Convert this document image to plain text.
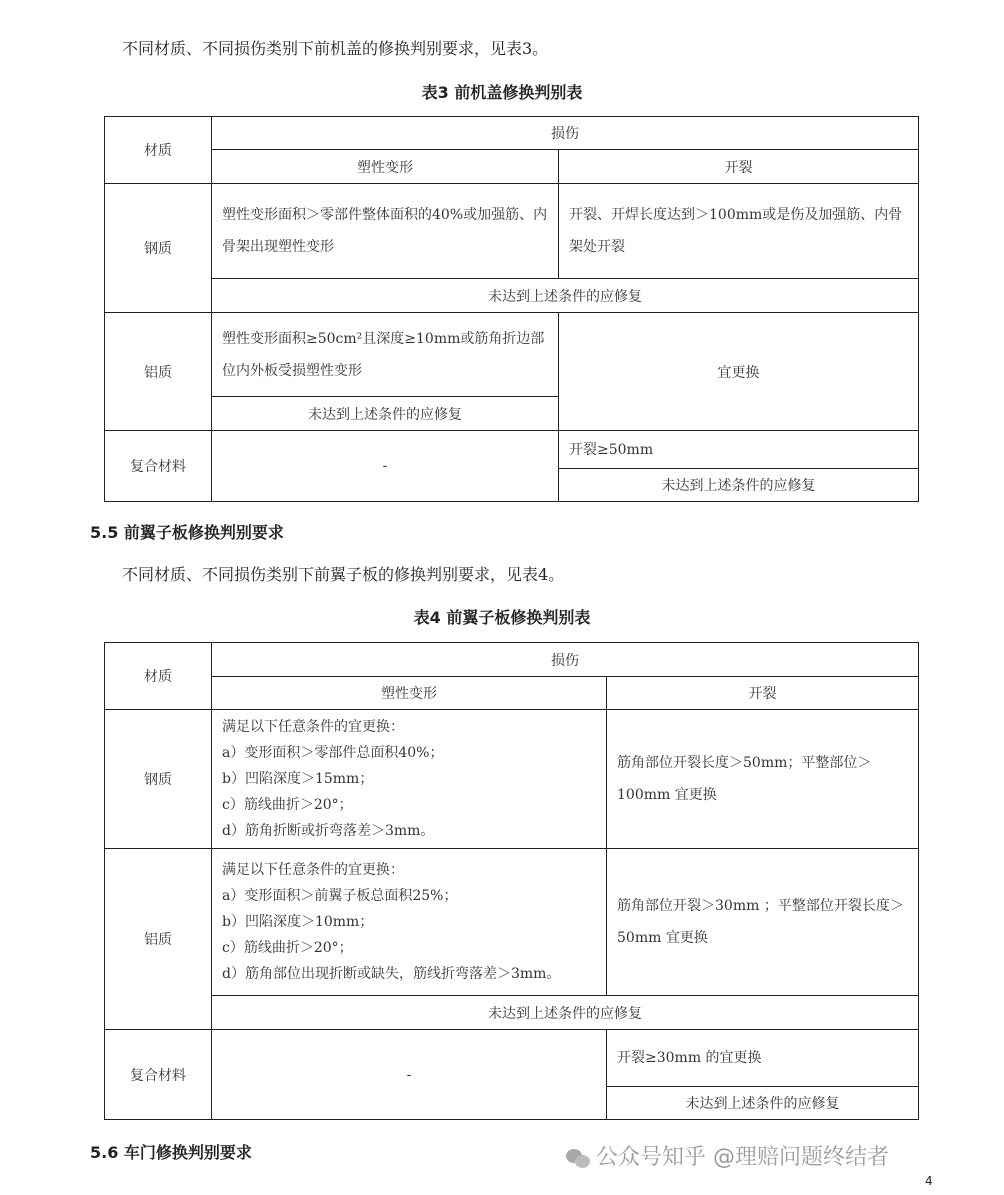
不同材质、不同损伤类别下前机盖的修换判别要求，见表3。
表3 前机盖修换判别表
材质	损伤	
	塑性变形	开裂
钢质	塑性变形面积＞零部件整体面积的40%或加强筋、内骨架出现塑性变形	开裂、开焊长度达到＞100mm或是伤及加强筋、内骨架处开裂
	未达到上述条件的应修复	
铝质	塑性变形面积≥50cm²且深度≥10mm或筋角折边部位内外板受损塑性变形	宜更换
	未达到上述条件的应修复	
复合材料	-	开裂≥50mm
		未达到上述条件的应修复
5.5 前翼子板修换判别要求
不同材质、不同损伤类别下前翼子板的修换判别要求，见表4。
表4 前翼子板修换判别表
材质	损伤	
	塑性变形	开裂
钢质	满足以下任意条件的宜更换：
a）变形面积＞零部件总面积40%；
b）凹陷深度＞15mm；
c）筋线曲折＞20°；
d）筋角折断或折弯落差＞3mm。	筋角部位开裂长度＞50mm；平整部位＞100mm 宜更换
铝质	满足以下任意条件的宜更换：
a）变形面积＞前翼子板总面积25%；
b）凹陷深度＞10mm；
c）筋线曲折＞20°；
d）筋角部位出现折断或缺失，筋线折弯落差＞3mm。	筋角部位开裂＞30mm ；平整部位开裂长度＞50mm 宜更换
	未达到上述条件的应修复	
复合材料	-	开裂≥30mm 的宜更换
		未达到上述条件的应修复
5.6 车门修换判别要求	公众号知乎 @理赔问题终结者
4
